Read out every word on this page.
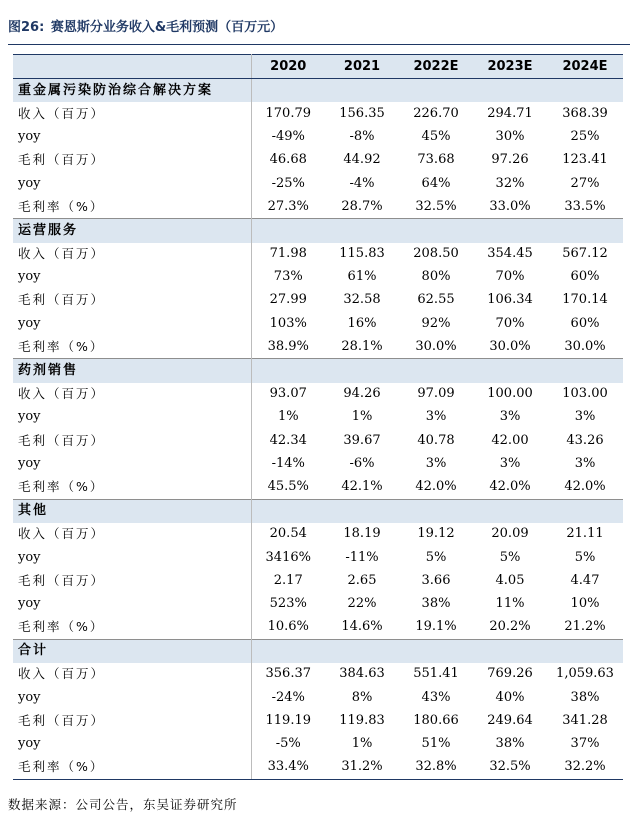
图26: 赛恩斯分业务收入&毛利预测（百万元）
	2020	2021	2022E	2023E	2024E
重金属污染防治综合解决方案					
收入（百万）	170.79	156.35	226.70	294.71	368.39
yoy	-49%	-8%	45%	30%	25%
毛利（百万）	46.68	44.92	73.68	97.26	123.41
yoy	-25%	-4%	64%	32%	27%
毛利率（%）	27.3%	28.7%	32.5%	33.0%	33.5%
运营服务					
收入（百万）	71.98	115.83	208.50	354.45	567.12
yoy	73%	61%	80%	70%	60%
毛利（百万）	27.99	32.58	62.55	106.34	170.14
yoy	103%	16%	92%	70%	60%
毛利率（%）	38.9%	28.1%	30.0%	30.0%	30.0%
药剂销售					
收入（百万）	93.07	94.26	97.09	100.00	103.00
yoy	1%	1%	3%	3%	3%
毛利（百万）	42.34	39.67	40.78	42.00	43.26
yoy	-14%	-6%	3%	3%	3%
毛利率（%）	45.5%	42.1%	42.0%	42.0%	42.0%
其他					
收入（百万）	20.54	18.19	19.12	20.09	21.11
yoy	3416%	-11%	5%	5%	5%
毛利（百万）	2.17	2.65	3.66	4.05	4.47
yoy	523%	22%	38%	11%	10%
毛利率（%）	10.6%	14.6%	19.1%	20.2%	21.2%
合计					
收入（百万）	356.37	384.63	551.41	769.26	1,059.63
yoy	-24%	8%	43%	40%	38%
毛利（百万）	119.19	119.83	180.66	249.64	341.28
yoy	-5%	1%	51%	38%	37%
毛利率（%）	33.4%	31.2%	32.8%	32.5%	32.2%
数据来源：公司公告，东吴证券研究所
